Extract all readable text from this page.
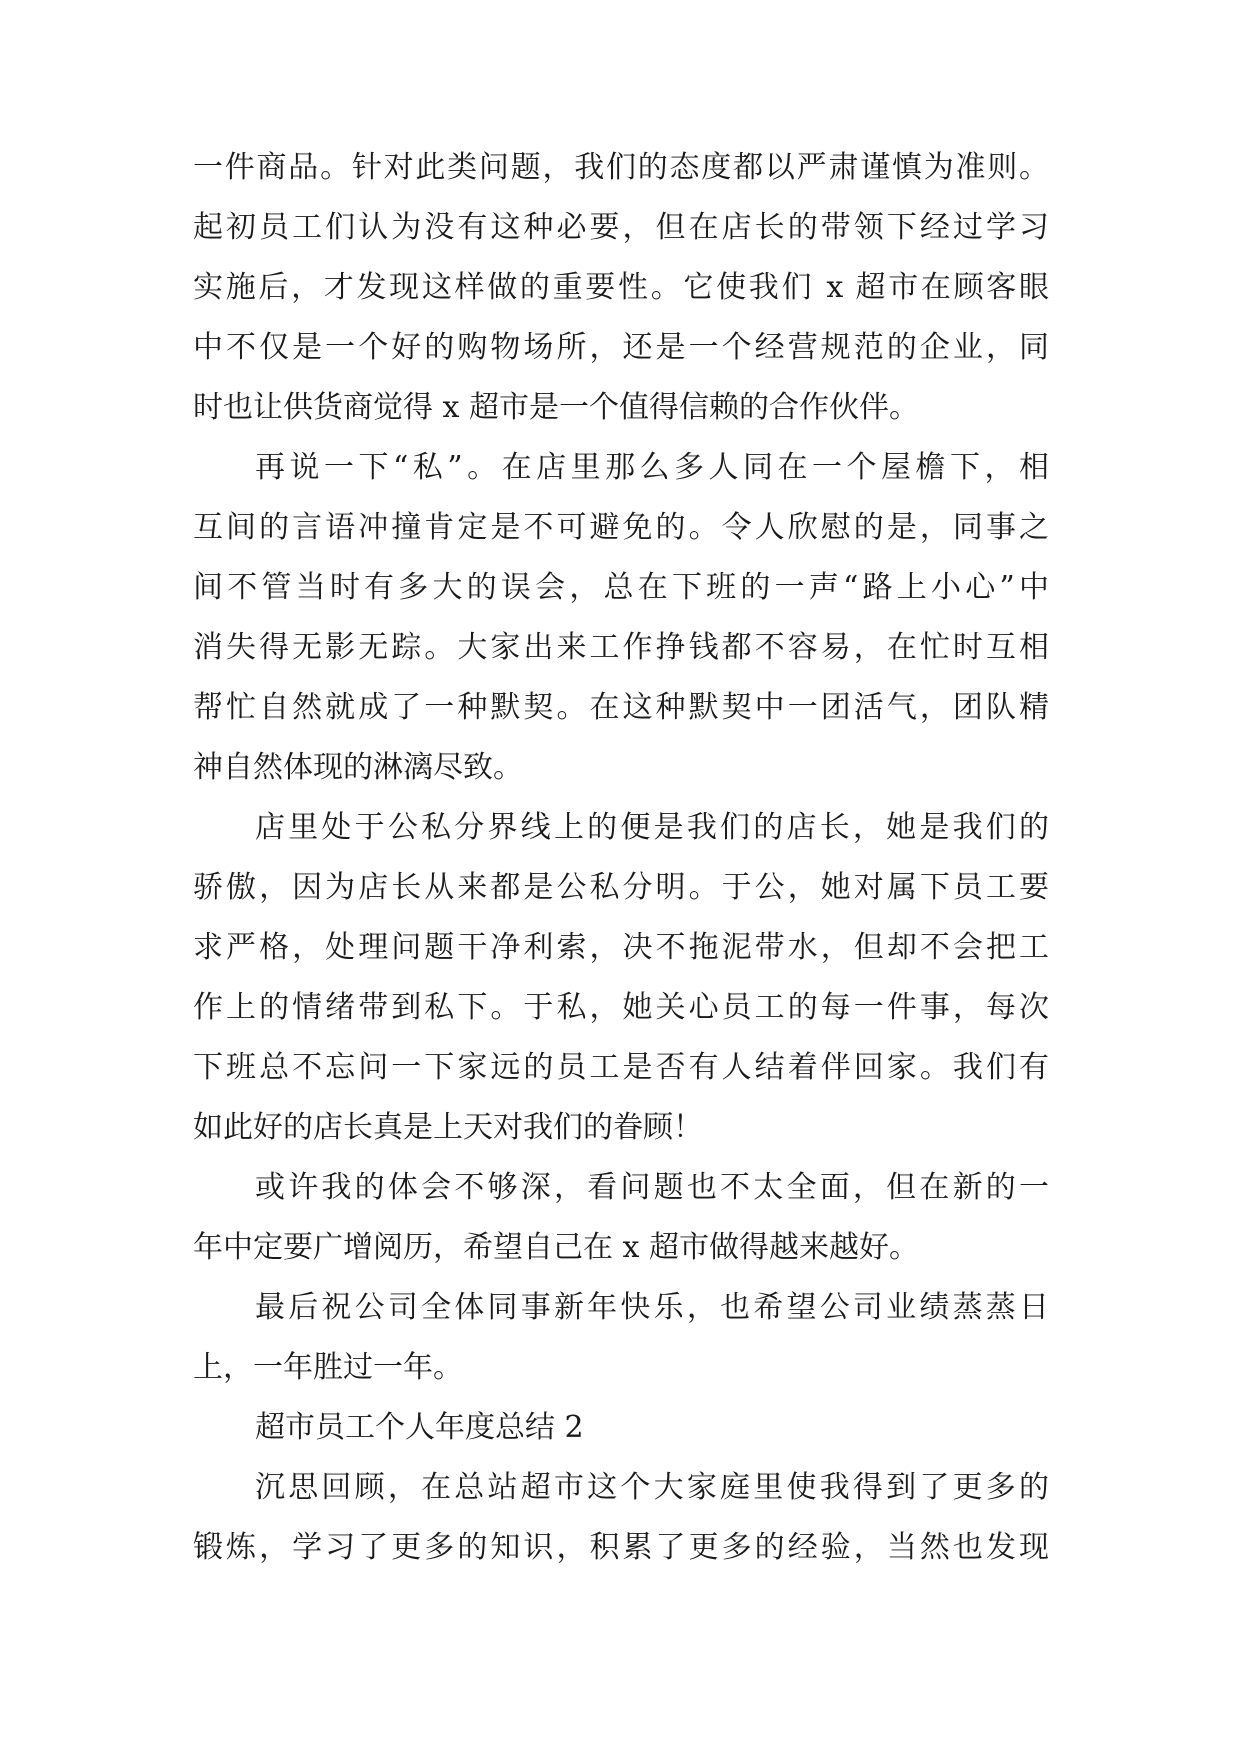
一件商品。针对此类问题，我们的态度都以严肃谨慎为准则。
起初员工们认为没有这种必要，但在店长的带领下经过学习
实施后，才发现这样做的重要性。它使我们 x 超市在顾客眼
中不仅是一个好的购物场所，还是一个经营规范的企业，同
时也让供货商觉得 x 超市是一个值得信赖的合作伙伴。
再说一下“私”。在店里那么多人同在一个屋檐下，相
互间的言语冲撞肯定是不可避免的。令人欣慰的是，同事之
间不管当时有多大的误会，总在下班的一声“路上小心”中
消失得无影无踪。大家出来工作挣钱都不容易，在忙时互相
帮忙自然就成了一种默契。在这种默契中一团活气，团队精
神自然体现的淋漓尽致。
店里处于公私分界线上的便是我们的店长，她是我们的
骄傲，因为店长从来都是公私分明。于公，她对属下员工要
求严格，处理问题干净利索，决不拖泥带水，但却不会把工
作上的情绪带到私下。于私，她关心员工的每一件事，每次
下班总不忘问一下家远的员工是否有人结着伴回家。我们有
如此好的店长真是上天对我们的眷顾！
或许我的体会不够深，看问题也不太全面，但在新的一
年中定要广增阅历，希望自己在 x 超市做得越来越好。
最后祝公司全体同事新年快乐，也希望公司业绩蒸蒸日
上，一年胜过一年。
超市员工个人年度总结 2
沉思回顾，在总站超市这个大家庭里使我得到了更多的
锻炼，学习了更多的知识，积累了更多的经验，当然也发现
